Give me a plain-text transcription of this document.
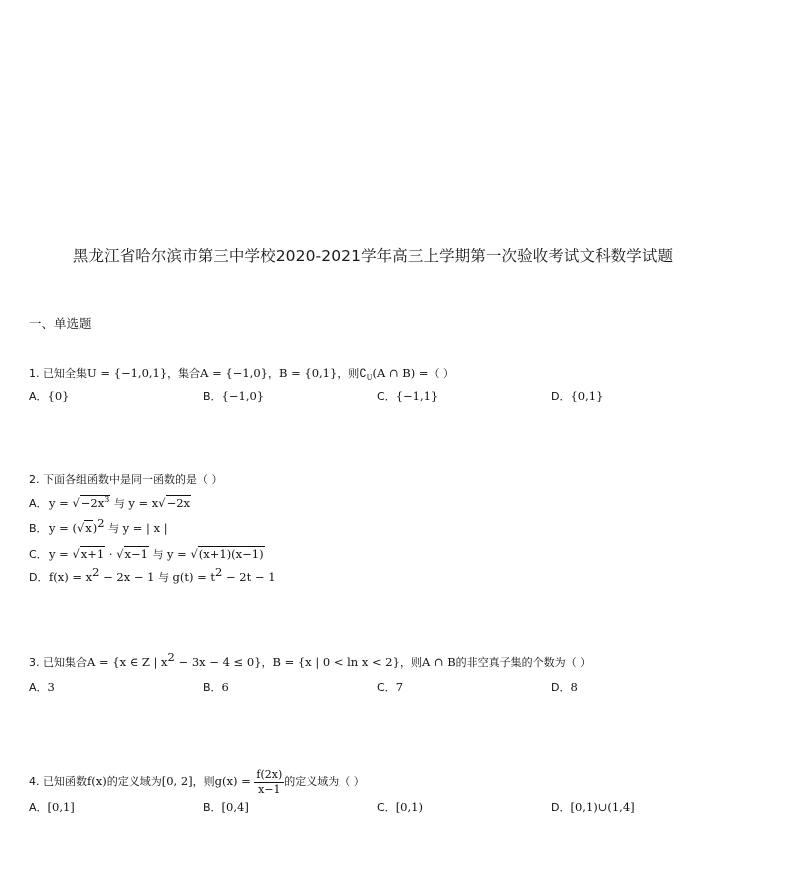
黑龙江省哈尔滨市第三中学校2020-2021学年高三上学期第一次验收考试文科数学试题
一、单选题
1. 已知全集U = {−1,0,1}，集合A = {−1,0}，B = {0,1}，则$∁_U(A$ ∩ B) =（ ）
A．{0}	B．{−1,0}	C．{−1,1}	D．{0,1}
2. 下面各组函数中是同一函数的是（ ）
A．$y = √-2x^3$ 与 y = x√−2x
B．$y = (√x)^2$ 与 y = | x |
C．y = √x+1 · √x−1 与 y = √(x+1)(x−1)
D．$f(x) = x^2 - 2x - 1$ 与 $g(t) = t^2 - 2t - 1$
3. 已知集合A = {x ∈ Z | $x^2 - 3x - 4 \le 0$}，B = {x | 0 < ln x < 2}，则A ∩ B的非空真子集的个数为（ ）
A．3	B．6	C．7	D．8
4. 已知函数f(x)的定义域为[0, 2]，则$g(x) = \frac{f(2x)}{x-1}$ 的定义域为（ ）
A．[0,1]	B．[0,4]	C．[0,1)	D．[0,1)∪(1,4]
